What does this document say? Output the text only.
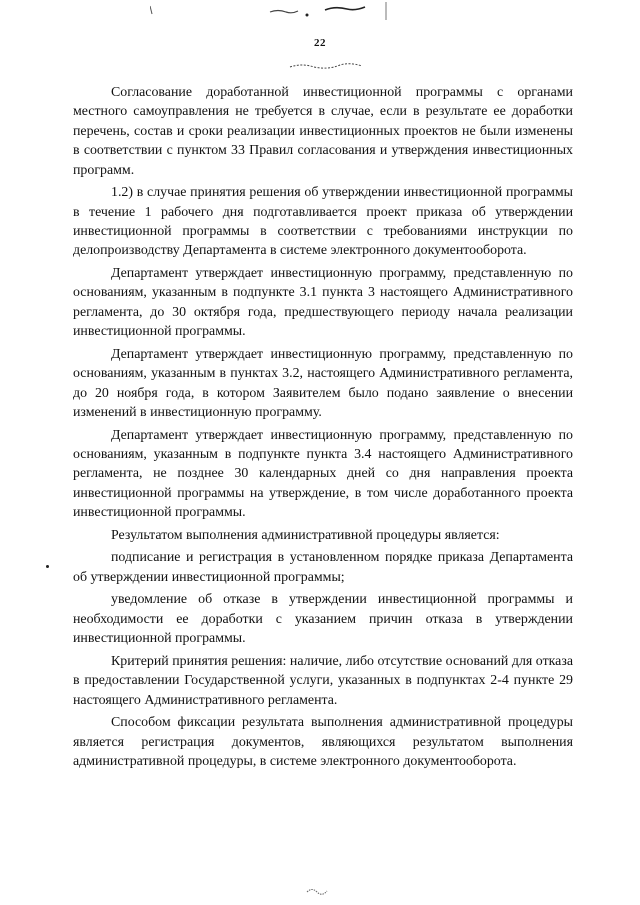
22

Согласование доработанной инвестиционной программы с органами местного самоуправления не требуется в случае, если в результате ее доработки перечень, состав и сроки реализации инвестиционных проектов не были изменены в соответствии с пунктом 33 Правил согласования и утверждения инвестиционных программ.

1.2) в случае принятия решения об утверждении инвестиционной программы в течение 1 рабочего дня подготавливается проект приказа об утверждении инвестиционной программы в соответствии с требованиями инструкции по делопроизводству Департамента в системе электронного документооборота.

Департамент утверждает инвестиционную программу, представленную по основаниям, указанным в подпункте 3.1 пункта 3 настоящего Административного регламента, до 30 октября года, предшествующего периоду начала реализации инвестиционной программы.

Департамент утверждает инвестиционную программу, представленную по основаниям, указанным в пунктах 3.2, настоящего Административного регламента, до 20 ноября года, в котором Заявителем было подано заявление о внесении изменений в инвестиционную программу.

Департамент утверждает инвестиционную программу, представленную по основаниям, указанным в подпункте пункта 3.4 настоящего Административного регламента, не позднее 30 календарных дней со дня направления проекта инвестиционной программы на утверждение, в том числе доработанного проекта инвестиционной программы.

Результатом выполнения административной процедуры является:

подписание и регистрация в установленном порядке приказа Департамента об утверждении инвестиционной программы;

уведомление об отказе в утверждении инвестиционной программы и необходимости ее доработки с указанием причин отказа в утверждении инвестиционной программы.

Критерий принятия решения: наличие, либо отсутствие оснований для отказа в предоставлении Государственной услуги, указанных в подпунктах 2-4 пункте 29 настоящего Административного регламента.

Способом фиксации результата выполнения административной процедуры является регистрация документов, являющихся результатом выполнения административной процедуры, в системе электронного документооборота.
